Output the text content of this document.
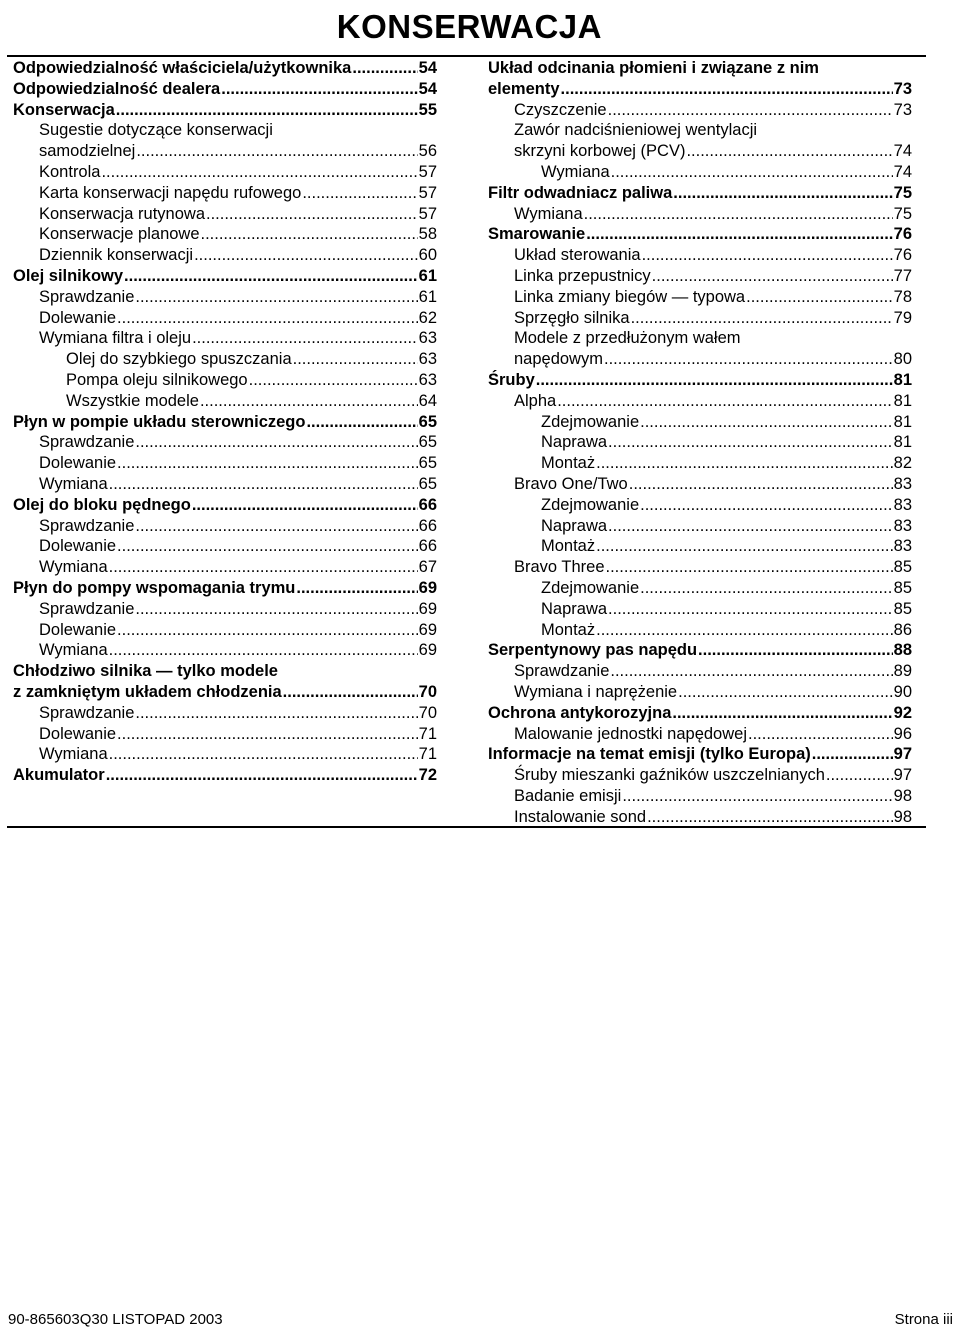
KONSERWACJA
Odpowiedzialność właściciela/użytkownika .....	54
Odpowiedzialność dealera .....	54
Konserwacja .....	55
Sugestie dotyczące konserwacji
samodzielnej .....	56
Kontrola .....	57
Karta konserwacji napędu rufowego .....	57
Konserwacja rutynowa .....	57
Konserwacje planowe .....	58
Dziennik konserwacji .....	60
Olej silnikowy .....	61
Sprawdzanie .....	61
Dolewanie .....	62
Wymiana filtra i oleju .....	63
Olej do szybkiego spuszczania .....	63
Pompa oleju silnikowego .....	63
Wszystkie modele .....	64
Płyn w pompie układu sterowniczego .....	65
Sprawdzanie .....	65
Dolewanie .....	65
Wymiana .....	65
Olej do bloku pędnego .....	66
Sprawdzanie .....	66
Dolewanie .....	66
Wymiana .....	67
Płyn do pompy wspomagania trymu .....	69
Sprawdzanie .....	69
Dolewanie .....	69
Wymiana .....	69
Chłodziwo silnika — tylko modele
z zamkniętym układem chłodzenia .....	70
Sprawdzanie .....	70
Dolewanie .....	71
Wymiana .....	71
Akumulator .....	72
Układ odcinania płomieni i związane z nim
elementy .....	73
Czyszczenie .....	73
Zawór nadciśnieniowej wentylacji
skrzyni korbowej (PCV) .....	74
Wymiana .....	74
Filtr odwadniacz paliwa .....	75
Wymiana .....	75
Smarowanie .....	76
Układ sterowania .....	76
Linka przepustnicy .....	77
Linka zmiany biegów — typowa .....	78
Sprzęgło silnika .....	79
Modele z przedłużonym wałem
napędowym .....	80
Śruby .....	81
Alpha .....	81
Zdejmowanie .....	81
Naprawa .....	81
Montaż .....	82
Bravo One/Two .....	83
Zdejmowanie .....	83
Naprawa .....	83
Montaż .....	83
Bravo Three .....	85
Zdejmowanie .....	85
Naprawa .....	85
Montaż .....	86
Serpentynowy pas napędu .....	88
Sprawdzanie .....	89
Wymiana i naprężenie .....	90
Ochrona antykorozyjna .....	92
Malowanie jednostki napędowej .....	96
Informacje na temat emisji (tylko Europa) .....	97
Śruby mieszanki gaźników uszczelnianych .....	97
Badanie emisji .....	98
Instalowanie sond .....	98
90-865603Q30 LISTOPAD 2003	Strona iii
